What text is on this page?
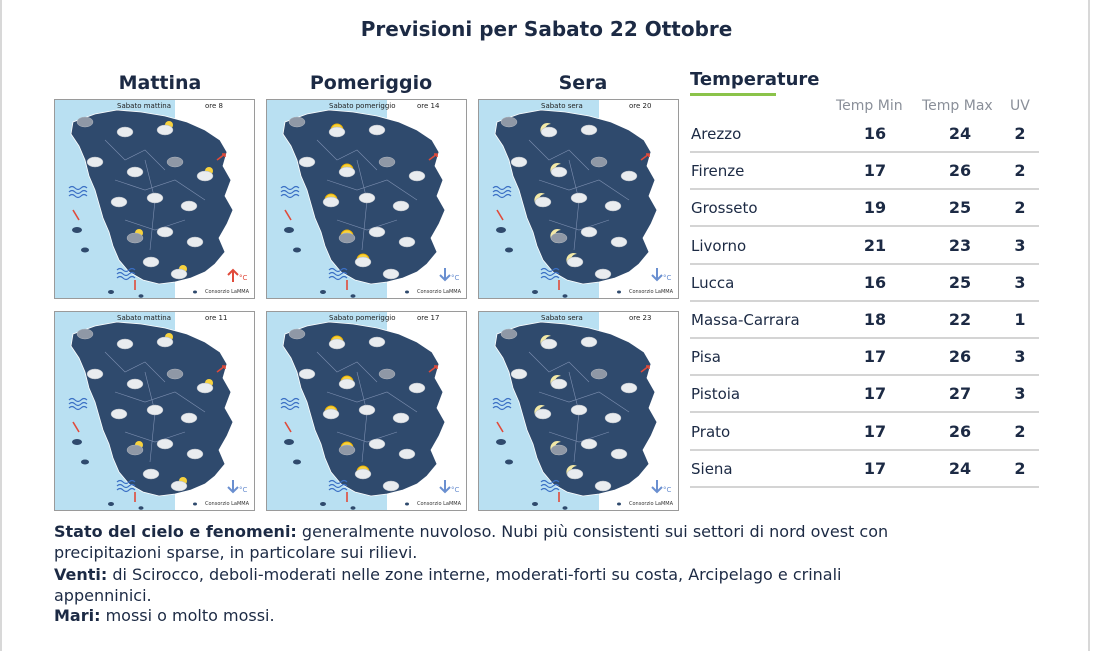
Previsioni per Sabato 22 Ottobre
Mattina	Pomeriggio	Sera
°C
Sabato mattina	ore 8
Consorzio LaMMA
°C
Sabato pomeriggio	ore 14
Consorzio LaMMA
°C
Sabato sera	ore 20
Consorzio LaMMA
°C
Sabato mattina	ore 11
Consorzio LaMMA
°C
Sabato pomeriggio	ore 17
Consorzio LaMMA
°C
Sabato sera	ore 23
Consorzio LaMMA
Temperature
Temp Min Temp Max UV
Arezzo	16	24	2
Firenze	17	26	2
Grosseto	19	25	2
Livorno	21	23	3
Lucca	16	25	3
Massa-Carrara	18	22	1
Pisa	17	26	3
Pistoia	17	27	3
Prato	17	26	2
Siena	17	24	2
Stato del cielo e fenomeni: generalmente nuvoloso. Nubi più consistenti sui settori di nord ovest con
precipitazioni sparse, in particolare sui rilievi.
Venti: di Scirocco, deboli-moderati nelle zone interne, moderati-forti su costa, Arcipelago e crinali
appenninici.
Mari: mossi o molto mossi.
